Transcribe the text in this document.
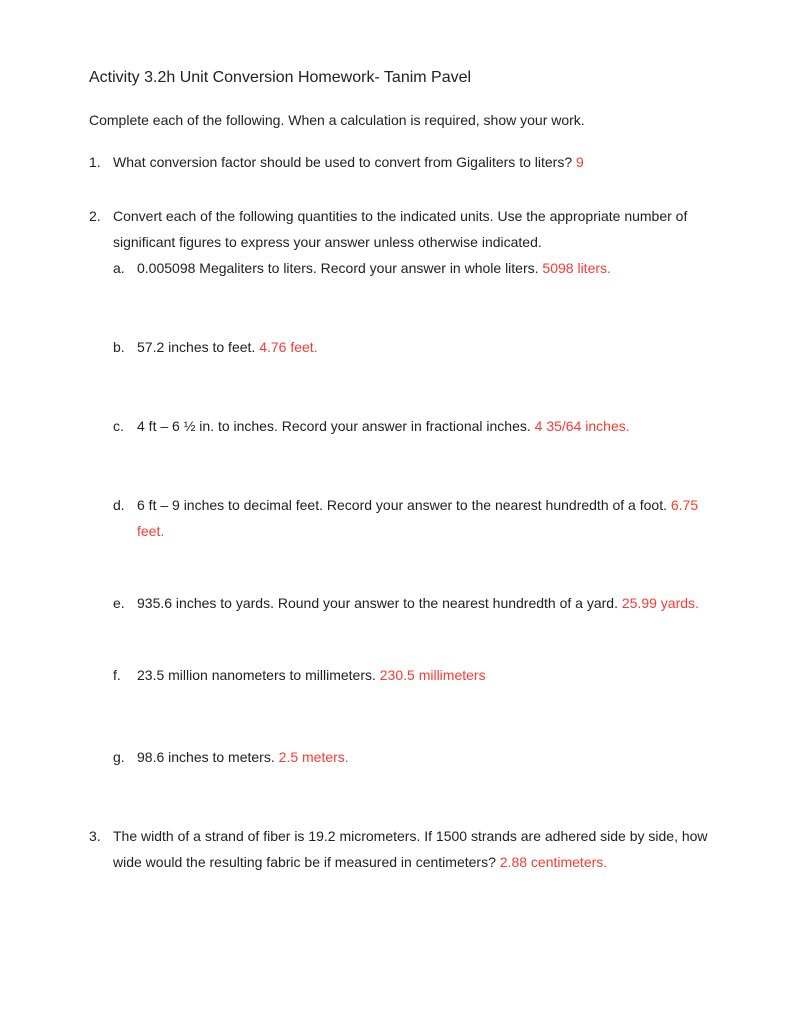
Activity 3.2h Unit Conversion Homework- Tanim Pavel

Complete each of the following. When a calculation is required, show your work.

1. What conversion factor should be used to convert from Gigaliters to liters? 9
2. Convert each of the following quantities to the indicated units. Use the appropriate number of significant figures to express your answer unless otherwise indicated.
a. 0.005098 Megaliters to liters. Record your answer in whole liters. 5098 liters.
b. 57.2 inches to feet. 4.76 feet.
c. 4 ft – 6 ½ in. to inches. Record your answer in fractional inches. 4 35/64 inches.
d. 6 ft – 9 inches to decimal feet. Record your answer to the nearest hundredth of a foot. 6.75 feet.
e. 935.6 inches to yards. Round your answer to the nearest hundredth of a yard. 25.99 yards.
f.	23.5 million nanometers to millimeters. 230.5 millimeters
g. 98.6 inches to meters. 2.5 meters.
3. The width of a strand of fiber is 19.2 micrometers. If 1500 strands are adhered side by side, how wide would the resulting fabric be if measured in centimeters? 2.88 centimeters.
